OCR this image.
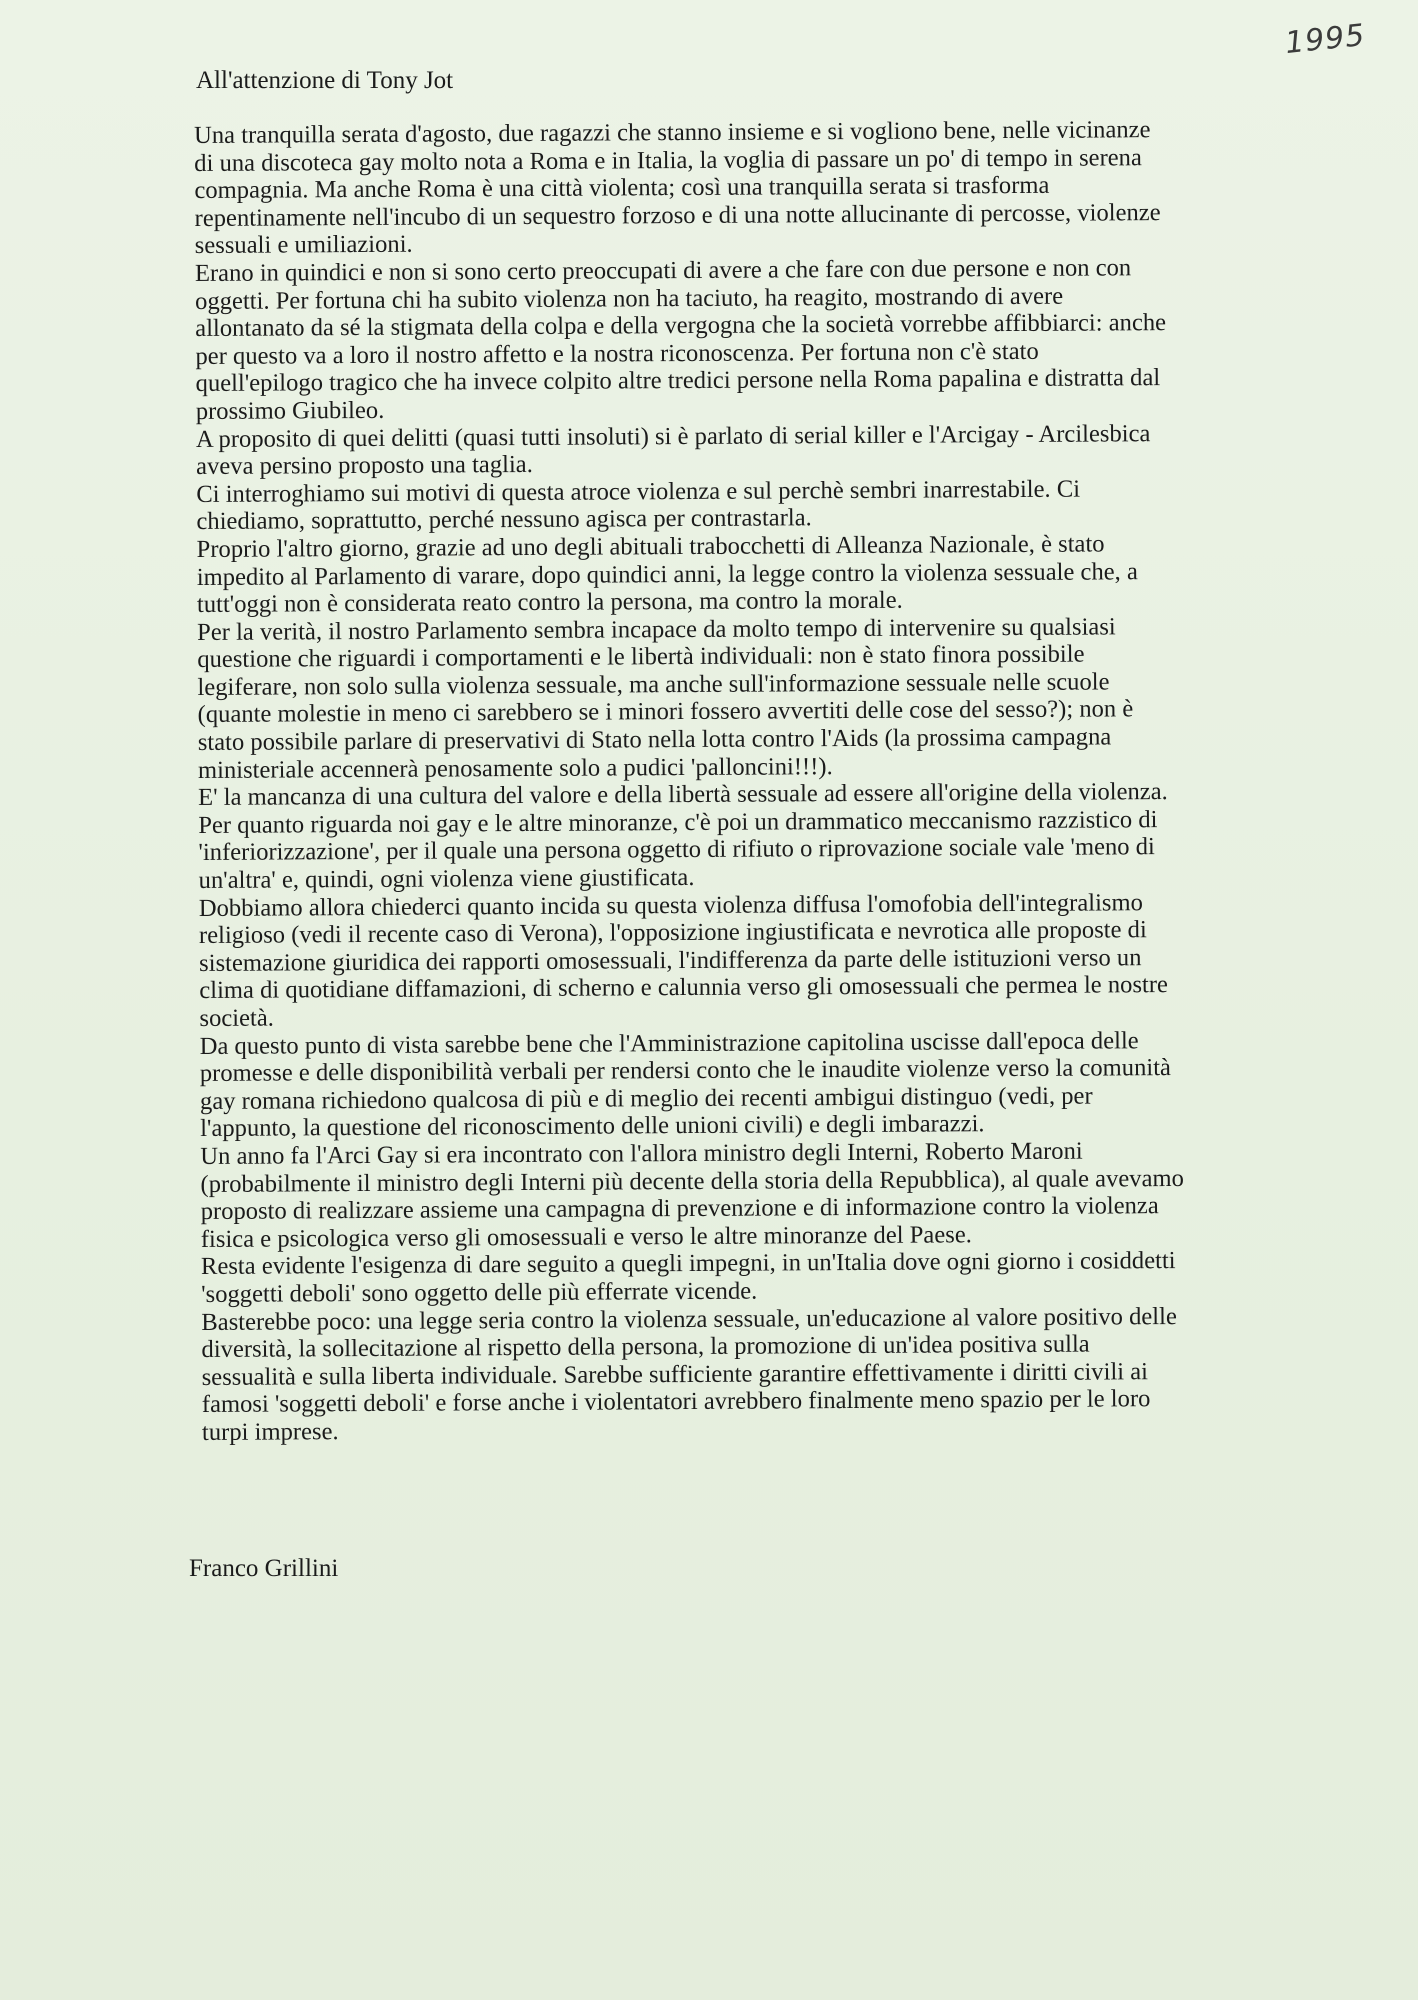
1995

All'attenzione di Tony Jot

Una tranquilla serata d'agosto, due ragazzi che stanno insieme e si vogliono bene, nelle vicinanze
di una discoteca gay molto nota a Roma e in Italia, la voglia di passare un po' di tempo in serena
compagnia. Ma anche Roma è una città violenta; così una tranquilla serata si trasforma
repentinamente nell'incubo di un sequestro forzoso e di una notte allucinante di percosse, violenze
sessuali e umiliazioni.
Erano in quindici e non si sono certo preoccupati di avere a che fare con due persone e non con
oggetti. Per fortuna chi ha subito violenza non ha taciuto, ha reagito, mostrando di avere
allontanato da sé la stigmata della colpa e della vergogna che la società vorrebbe affibbiarci: anche
per questo va a loro il nostro affetto e la nostra riconoscenza. Per fortuna non c'è stato
quell'epilogo tragico che ha invece colpito altre tredici persone nella Roma papalina e distratta dal
prossimo Giubileo.
A proposito di quei delitti (quasi tutti insoluti) si è parlato di serial killer e l'Arcigay - Arcilesbica
aveva persino proposto una taglia.
Ci interroghiamo sui motivi di questa atroce violenza e sul perchè sembri inarrestabile. Ci
chiediamo, soprattutto, perché nessuno agisca per contrastarla.
Proprio l'altro giorno, grazie ad uno degli abituali trabocchetti di Alleanza Nazionale, è stato
impedito al Parlamento di varare, dopo quindici anni, la legge contro la violenza sessuale che, a
tutt'oggi non è considerata reato contro la persona, ma contro la morale.
Per la verità, il nostro Parlamento sembra incapace da molto tempo di intervenire su qualsiasi
questione che riguardi i comportamenti e le libertà individuali: non è stato finora possibile
legiferare, non solo sulla violenza sessuale, ma anche sull'informazione sessuale nelle scuole
(quante molestie in meno ci sarebbero se i minori fossero avvertiti delle cose del sesso?); non è
stato possibile parlare di preservativi di Stato nella lotta contro l'Aids (la prossima campagna
ministeriale accennerà penosamente solo a pudici 'palloncini!!!).
E' la mancanza di una cultura del valore e della libertà sessuale ad essere all'origine della violenza.
Per quanto riguarda noi gay e le altre minoranze, c'è poi un drammatico meccanismo razzistico di
'inferiorizzazione', per il quale una persona oggetto di rifiuto o riprovazione sociale vale 'meno di
un'altra' e, quindi, ogni violenza viene giustificata.
Dobbiamo allora chiederci quanto incida su questa violenza diffusa l'omofobia dell'integralismo
religioso (vedi il recente caso di Verona), l'opposizione ingiustificata e nevrotica alle proposte di
sistemazione giuridica dei rapporti omosessuali, l'indifferenza da parte delle istituzioni verso un
clima di quotidiane diffamazioni, di scherno e calunnia verso gli omosessuali che permea le nostre
società.
Da questo punto di vista sarebbe bene che l'Amministrazione capitolina uscisse dall'epoca delle
promesse e delle disponibilità verbali per rendersi conto che le inaudite violenze verso la comunità
gay romana richiedono qualcosa di più e di meglio dei recenti ambigui distinguo (vedi, per
l'appunto, la questione del riconoscimento delle unioni civili) e degli imbarazzi.
Un anno fa l'Arci Gay si era incontrato con l'allora ministro degli Interni, Roberto Maroni
(probabilmente il ministro degli Interni più decente della storia della Repubblica), al quale avevamo
proposto di realizzare assieme una campagna di prevenzione e di informazione contro la violenza
fisica e psicologica verso gli omosessuali e verso le altre minoranze del Paese.
Resta evidente l'esigenza di dare seguito a quegli impegni, in un'Italia dove ogni giorno i cosiddetti
'soggetti deboli' sono oggetto delle più efferrate vicende.
Basterebbe poco: una legge seria contro la violenza sessuale, un'educazione al valore positivo delle
diversità, la sollecitazione al rispetto della persona, la promozione di un'idea positiva sulla
sessualità e sulla liberta individuale. Sarebbe sufficiente garantire effettivamente i diritti civili ai
famosi 'soggetti deboli' e forse anche i violentatori avrebbero finalmente meno spazio per le loro
turpi imprese.

Franco Grillini
